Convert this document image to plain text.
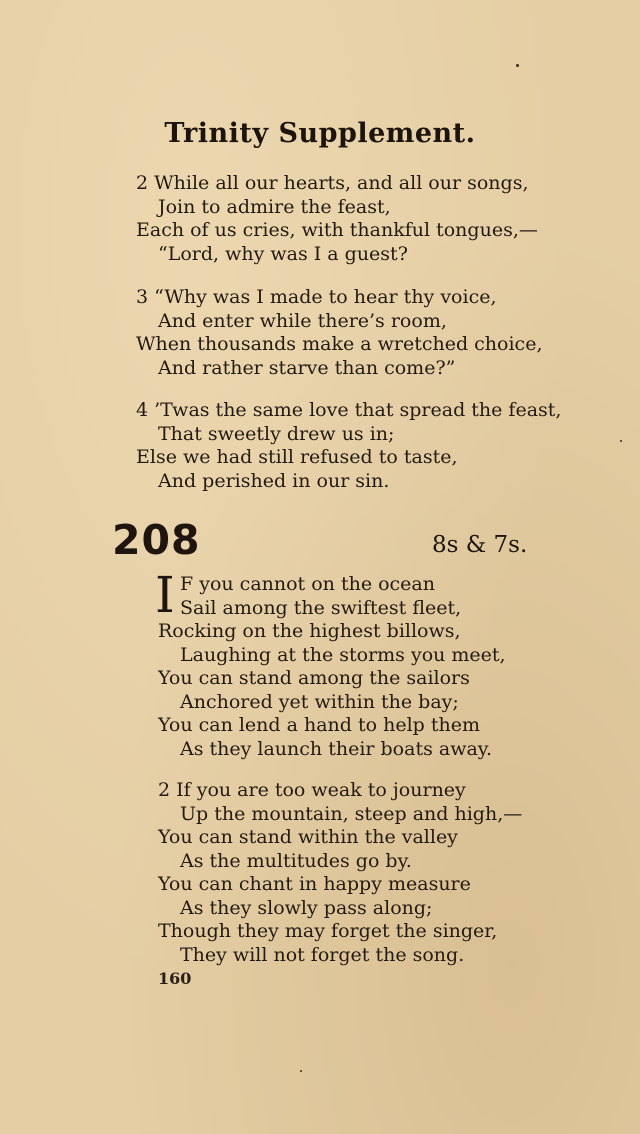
Trinity Supplement.
2 While all our hearts, and all our songs,
Join to admire the feast,
Each of us cries, with thankful tongues,—
“Lord, why was I a guest?
3 “Why was I made to hear thy voice,
And enter while there’s room,
When thousands make a wretched choice,
And rather starve than come?”
4 ’Twas the same love that spread the feast,
That sweetly drew us in;
Else we had still refused to taste,
And perished in our sin.
208	8s & 7s.
I F you cannot on the ocean
Sail among the swiftest fleet,
Rocking on the highest billows,
Laughing at the storms you meet,
You can stand among the sailors
Anchored yet within the bay;
You can lend a hand to help them
As they launch their boats away.
2 If you are too weak to journey
Up the mountain, steep and high,—
You can stand within the valley
As the multitudes go by.
You can chant in happy measure
As they slowly pass along;
Though they may forget the singer,
They will not forget the song.
160
